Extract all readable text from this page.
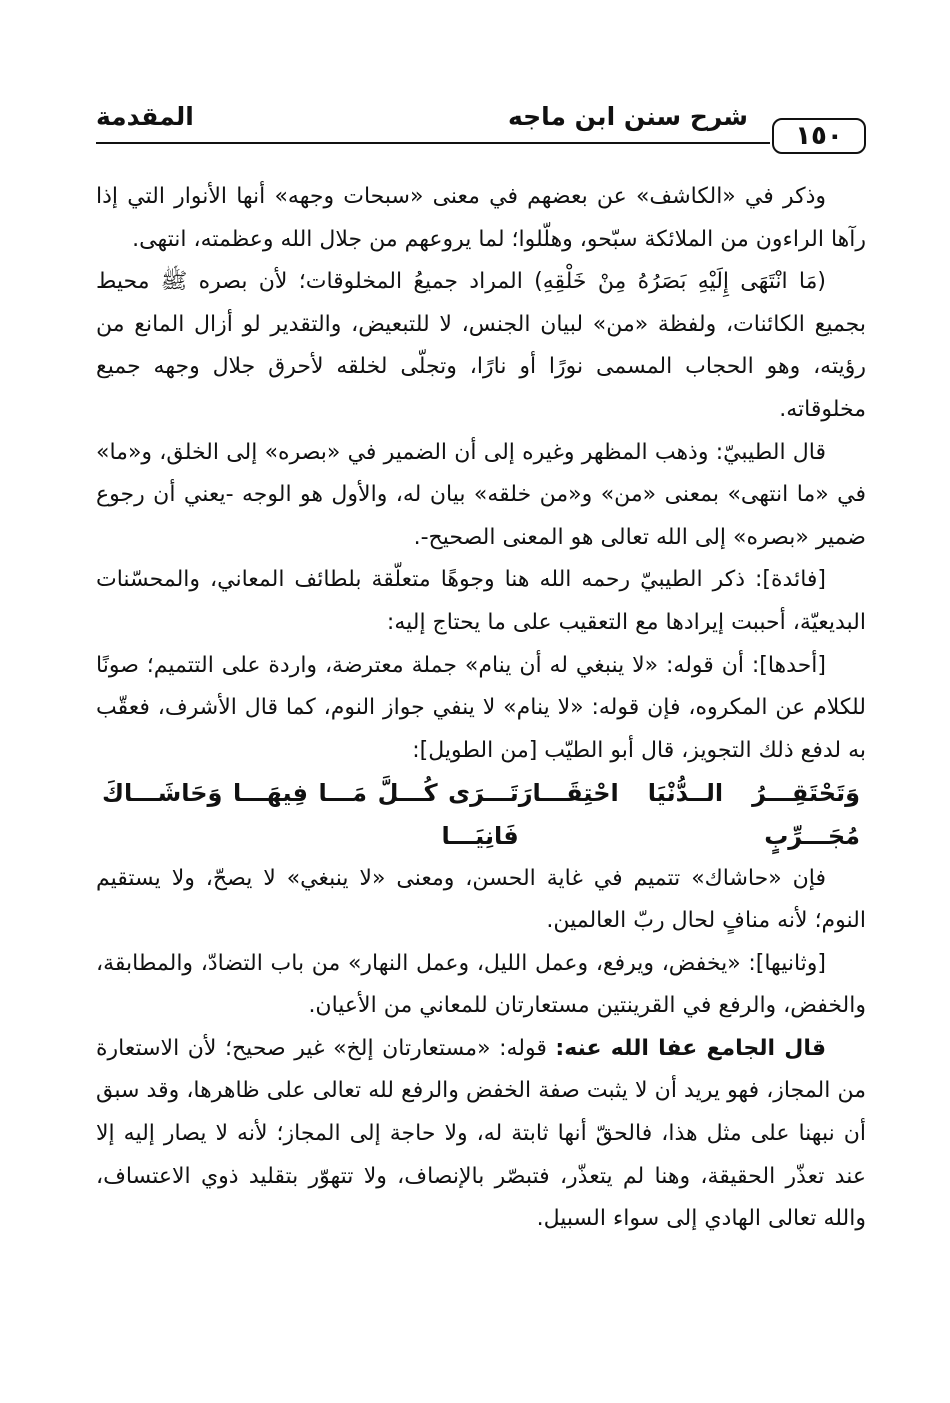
المقدمة	شرح سنن ابن ماجه
١٥٠

وذكر في «الكاشف» عن بعضهم في معنى «سبحات وجهه» أنها الأنوار التي إذا رآها الراءون من الملائكة سبّحو، وهلّلوا؛ لما يروعهم من جلال الله وعظمته، انتهى.

(مَا انْتَهَى إِلَيْهِ بَصَرُهُ مِنْ خَلْقِهِ) المراد جميعُ المخلوقات؛ لأن بصره ﷺ محيط بجميع الكائنات، ولفظة «من» لبيان الجنس، لا للتبعيض، والتقدير لو أزال المانع من رؤيته، وهو الحجاب المسمى نورًا أو نارًا، وتجلّى لخلقه لأحرق جلال وجهه جميع مخلوقاته.

قال الطيبيّ: وذهب المظهر وغيره إلى أن الضمير في «بصره» إلى الخلق، و«ما» في «ما انتهى» بمعنى «من» و«من خلقه» بيان له، والأول هو الوجه -يعني أن رجوع ضمير «بصره» إلى الله تعالى هو المعنى الصحيح-.

[فائدة]: ذكر الطيبيّ رحمه الله هنا وجوهًا متعلّقة بلطائف المعاني، والمحسّنات البديعيّة، أحببت إيرادها مع التعقيب على ما يحتاج إليه:

[أحدها]: أن قوله: «لا ينبغي له أن ينام» جملة معترضة، واردة على التتميم؛ صونًا للكلام عن المكروه، فإن قوله: «لا ينام» لا ينفي جواز النوم، كما قال الأشرف، فعقّب به لدفع ذلك التجويز، قال أبو الطيّب [من الطويل]:

وَتَحْتَقِـــرُ الــدُّنْيَا احْتِقَـــارَ مُجَـــرِّبٍ
تَـــرَى كُـــلَّ مَـــا فِيهَـــا وَحَاشَـــاكَ فَانِيَـــا

فإن «حاشاك» تتميم في غاية الحسن، ومعنى «لا ينبغي» لا يصحّ، ولا يستقيم النوم؛ لأنه منافٍ لحال ربّ العالمين.

[وثانيها]: «يخفض، ويرفع، وعمل الليل، وعمل النهار» من باب التضادّ، والمطابقة، والخفض، والرفع في القرينتين مستعارتان للمعاني من الأعيان.

قال الجامع عفا الله عنه: قوله: «مستعارتان إلخ» غير صحيح؛ لأن الاستعارة من المجاز، فهو يريد أن لا يثبت صفة الخفض والرفع لله تعالى على ظاهرها، وقد سبق أن نبهنا على مثل هذا، فالحقّ أنها ثابتة له، ولا حاجة إلى المجاز؛ لأنه لا يصار إليه إلا عند تعذّر الحقيقة، وهنا لم يتعذّر، فتبصّر بالإنصاف، ولا تتهوّر بتقليد ذوي الاعتساف، والله تعالى الهادي إلى سواء السبيل.
